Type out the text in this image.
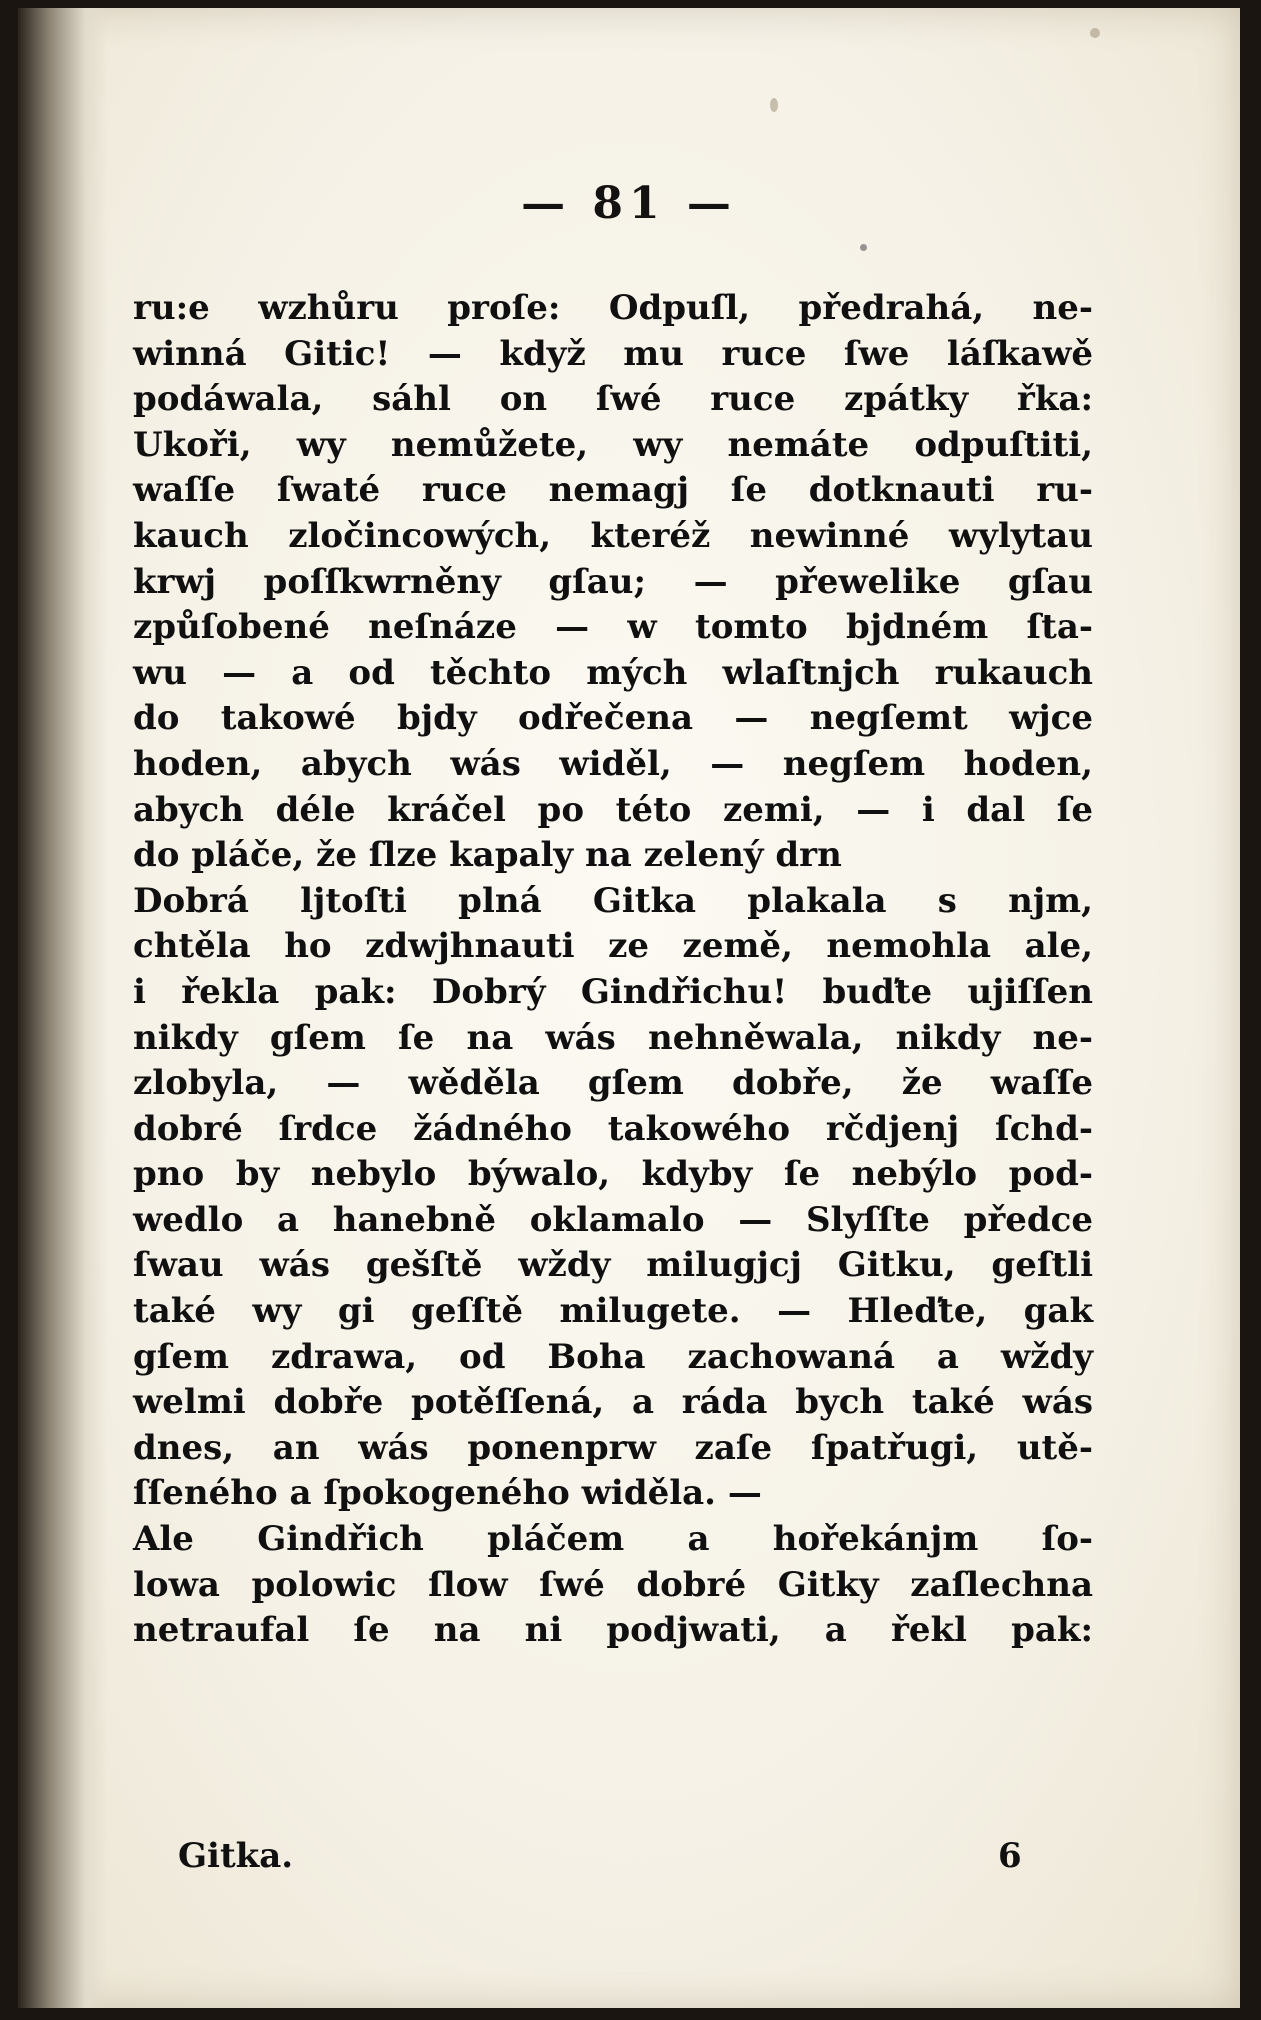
— 81 —
ru:e wzhůru proſe: Odpuſl, předrahá, ne-
winná Gitic! — když mu ruce ſwe láſkawě
podáwala, sáhl on ſwé ruce zpátky řka:
Ukoři, wy nemůžete, wy nemáte odpuſtiti,
waſſe ſwaté ruce nemagj ſe dotknauti ru-
kauch zločincowých, kteréž newinné wylytau
krwj poſſkwrněny gſau; — přewelike gſau
způſobené neſnáze — w tomto bjdném ſta-
wu — a od těchto mých wlaſtnjch rukauch
do takowé bjdy odřečena — negſemt wjce
hoden, abych wás widěl, — negſem hoden,
abych déle kráčel po této zemi, — i dal ſe
do pláče, že ſlze kapaly na zelený drn
Dobrá ljtoſti plná Gitka plakala s njm,
chtěla ho zdwjhnauti ze země, nemohla ale,
i řekla pak: Dobrý Gindřichu! buďte ujiſſen
nikdy gſem ſe na wás nehněwala, nikdy ne-
zlobyla, — wěděla gſem dobře, že waſſe
dobré ſrdce žádného takowého rčdjenj ſchd-
pno by nebylo býwalo, kdyby ſe nebýlo pod-
wedlo a hanebně oklamalo — Slyſſte předce
ſwau wás gešſtě wždy milugjcj Gitku, geſtli
také wy gi geſſtě milugete. — Hleďte, gak
gſem zdrawa, od Boha zachowaná a wždy
welmi dobře potěſſená, a rádа bych také wás
dnes, an wás ponenprw zaſe ſpatřugi, utě-
ſſeného a ſpokogeného widěla. —
Ale Gindřich pláčem a hořekánjm ſo-
lowa polowic ſlow ſwé dobré Gitky zaſlechna
netraufal ſe na ni podjwati, a řekl pak:
Gitka.	6
